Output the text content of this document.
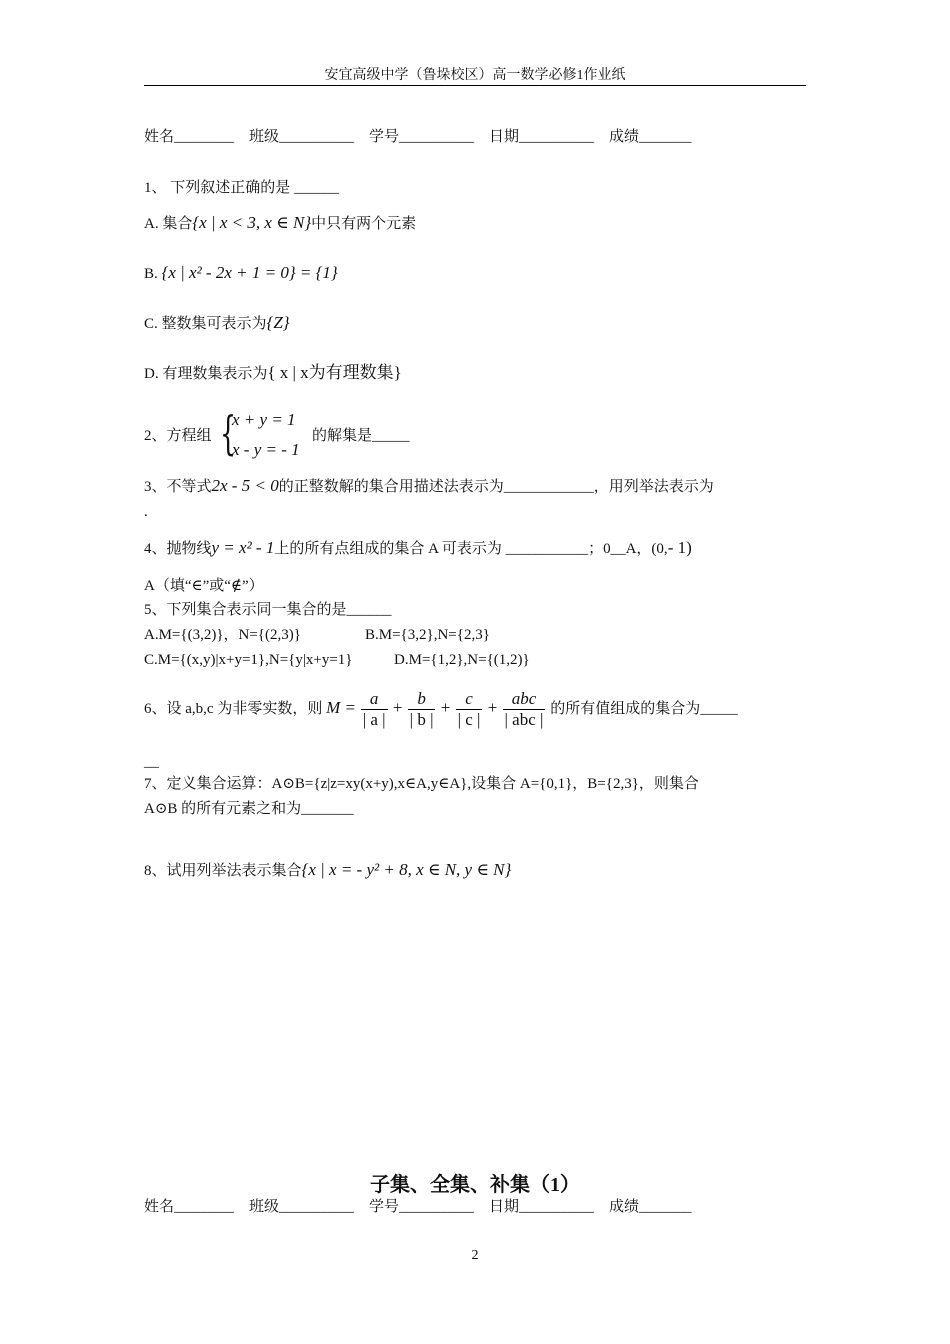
安宜高级中学（鲁垛校区）高一数学必修1作业纸
姓名________　班级__________　学号__________　日期__________　成绩_______
1、 下列叙述正确的是 ______
A. 集合{x | x < 3, x ∈ N}中只有两个元素
B. {x | x² - 2x + 1 = 0} = {1}
C. 整数集可表示为{Z}
D. 有理数集表示为{ x | x为有理数集}
2、方程组 {
x + y = 1
x - y = - 1
的解集是_____
3、不等式2x - 5 < 0的正整数解的集合用描述法表示为____________，用列举法表示为
.
4、抛物线y = x² - 1上的所有点组成的集合 A 可表示为 ___________；0__A，(0,- 1)
A（填“∈”或“∉”）
5、下列集合表示同一集合的是______
A.M={(3,2)}，N={(2,3)}	B.M={3,2},N={2,3}
C.M={(x,y)|x+y=1},N={y|x+y=1}	D.M={1,2},N={(1,2)}
6、设 a,b,c 为非零实数，则 $M = \frac{a}{| a |} + \frac{b}{| b |} + \frac{c}{| c |} + \frac{\text{abc}}{\text{| abc |}}$ 的所有值组成的集合为_____
__
7、定义集合运算：A⊙B={z|z=xy(x+y),x∈A,y∈A},设集合 A={0,1}，B={2,3}，则集合
A⊙B 的所有元素之和为_______
8、试用列举法表示集合{x | x = - y² + 8, x ∈ N, y ∈ N}
子集、全集、补集（1）
姓名________　班级__________　学号__________　日期__________　成绩_______
2
